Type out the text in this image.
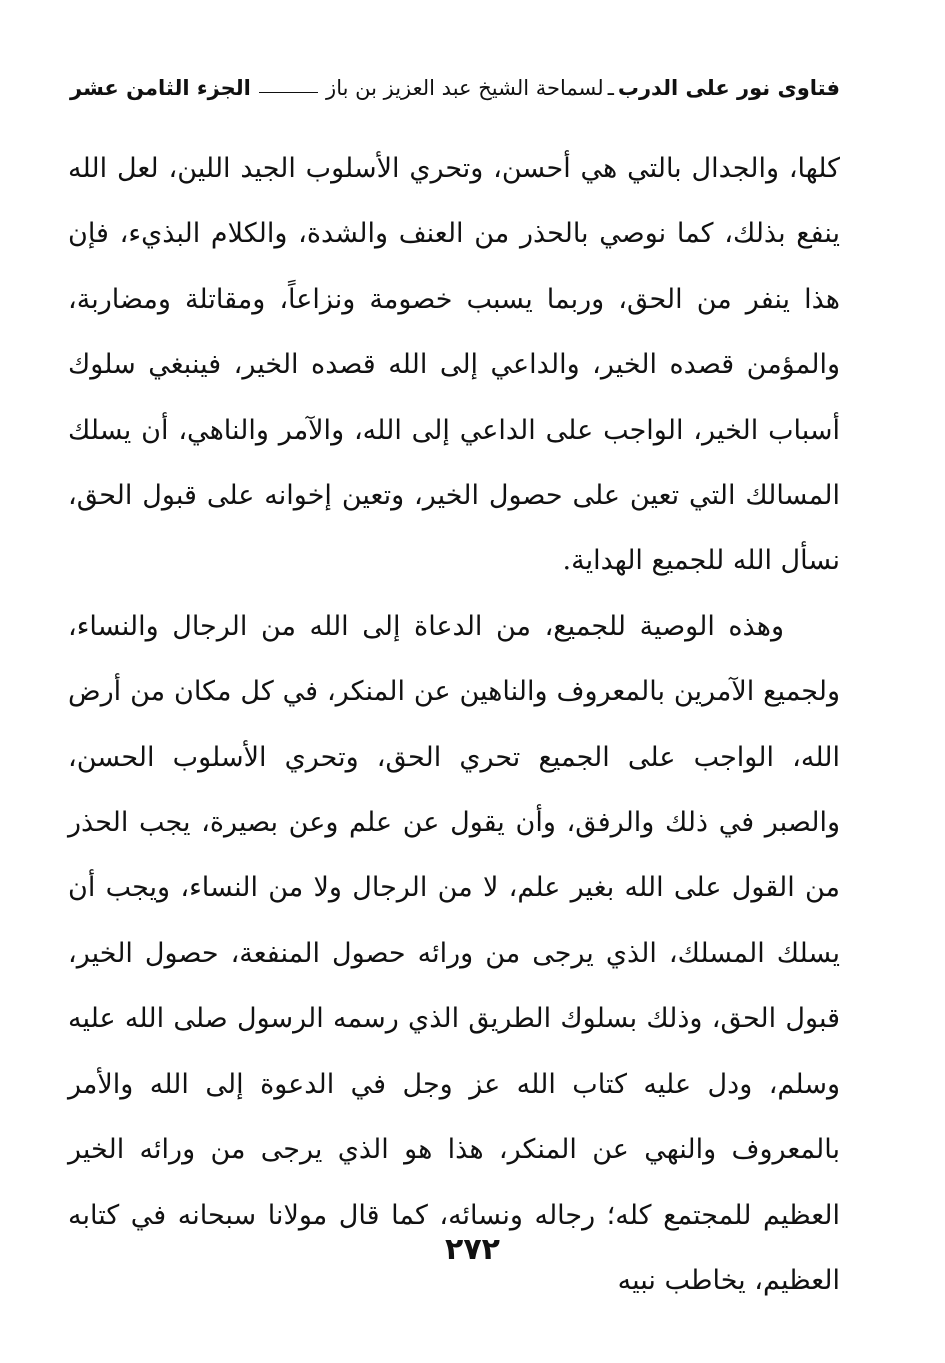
فتاوى نور على الدرب
ـ
لسماحة الشيخ عبد العزيز بن باز
الجزء الثامن عشر

كلها، والجدال بالتي هي أحسن، وتحري الأسلوب الجيد اللين، لعل الله ينفع بذلك، كما نوصي بالحذر من العنف والشدة، والكلام البذيء، فإن هذا ينفر من الحق، وربما يسبب خصومة ونزاعاً، ومقاتلة ومضاربة، والمؤمن قصده الخير، والداعي إلى الله قصده الخير، فينبغي سلوك أسباب الخير، الواجب على الداعي إلى الله، والآمر والناهي، أن يسلك المسالك التي تعين على حصول الخير، وتعين إخوانه على قبول الحق، نسأل الله للجميع الهداية.

وهذه الوصية للجميع، من الدعاة إلى الله من الرجال والنساء، ولجميع الآمرين بالمعروف والناهين عن المنكر، في كل مكان من أرض الله، الواجب على الجميع تحري الحق، وتحري الأسلوب الحسن، والصبر في ذلك والرفق، وأن يقول عن علم وعن بصيرة، يجب الحذر من القول على الله بغير علم، لا من الرجال ولا من النساء، ويجب أن يسلك المسلك، الذي يرجى من ورائه حصول المنفعة، حصول الخير، قبول الحق، وذلك بسلوك الطريق الذي رسمه الرسول صلى الله عليه وسلم، ودل عليه كتاب الله عز وجل في الدعوة إلى الله والأمر بالمعروف والنهي عن المنكر، هذا هو الذي يرجى من ورائه الخير العظيم للمجتمع كله؛ رجاله ونسائه، كما قال مولانا سبحانه في كتابه العظيم، يخاطب نبيه

٢٧٢
